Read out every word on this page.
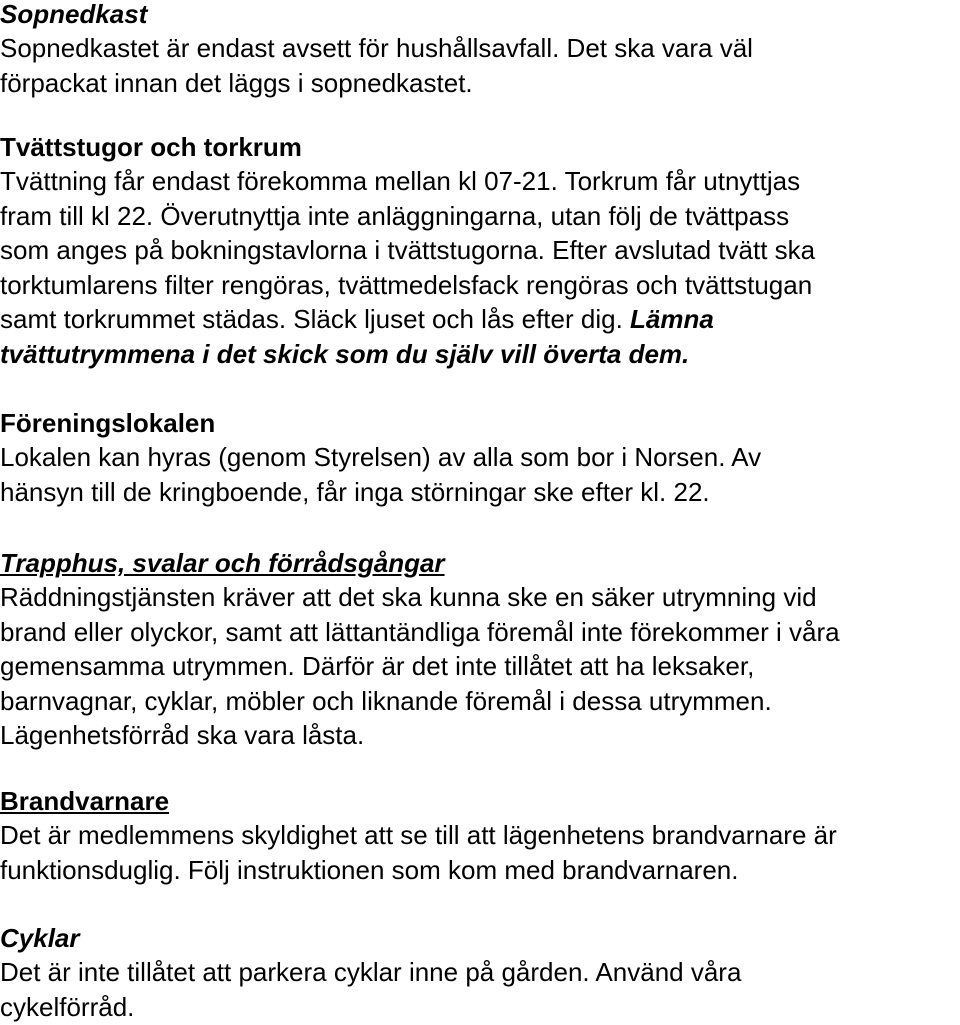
Sopnedkast
Sopnedkastet är endast avsett för hushållsavfall. Det ska vara väl
förpackat innan det läggs i sopnedkastet.
Tvättstugor och torkrum
Tvättning får endast förekomma mellan kl 07-21. Torkrum får utnyttjas
fram till kl 22. Överutnyttja inte anläggningarna, utan följ de tvättpass
som anges på bokningstavlorna i tvättstugorna. Efter avslutad tvätt ska
torktumlarens filter rengöras, tvättmedelsfack rengöras och tvättstugan
samt torkrummet städas. Släck ljuset och lås efter dig. Lämna
tvättutrymmena i det skick som du själv vill överta dem.
Föreningslokalen
Lokalen kan hyras (genom Styrelsen) av alla som bor i Norsen. Av
hänsyn till de kringboende, får inga störningar ske efter kl. 22.
Trapphus, svalar och förrådsgångar
Räddningstjänsten kräver att det ska kunna ske en säker utrymning vid
brand eller olyckor, samt att lättantändliga föremål inte förekommer i våra
gemensamma utrymmen. Därför är det inte tillåtet att ha leksaker,
barnvagnar, cyklar, möbler och liknande föremål i dessa utrymmen.
Lägenhetsförråd ska vara låsta.
Brandvarnare
Det är medlemmens skyldighet att se till att lägenhetens brandvarnare är
funktionsduglig. Följ instruktionen som kom med brandvarnaren.
Cyklar
Det är inte tillåtet att parkera cyklar inne på gården. Använd våra
cykelförråd.
